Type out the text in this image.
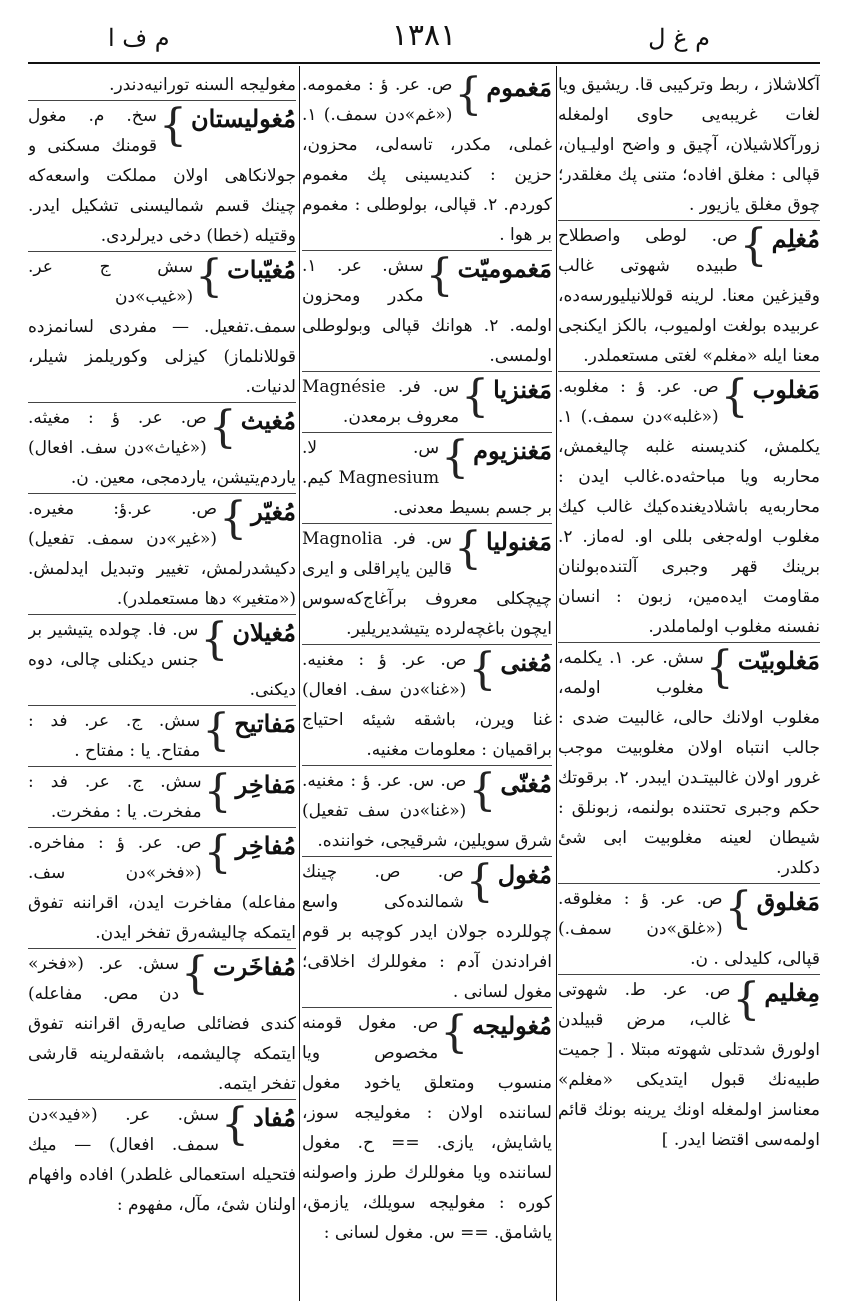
م غ ل
١٣٨١
م ف ا
آكلاشلاز ، ربط وتركيبی قا. ريشيق ويا لغات غريبه‌يی حاوی اولمغله زورآكلاشيلان، آچيق و واضح اوليـيان، قپالی : مغلق افاده؛ متنی پك مغلقدر؛ چوق مغلق يازيور .
مُغلِم
}
ص. لوطی واصطلاح طبيده شهوتی غالب وقيزغين معنا. لرينه قوللانيليورسه‌ده، عربيده بولغت اولميوب، بالكز ايكنجی معنا ايله «مغلم» لغتی مستعملدر.
مَغلوب
}
ص. عر. ؤ : مغلوبه. («غلبه»دن سمف.) ١. يكلمش، كنديسنه غلبه چاليغمش، محاربه ويا مباحثه‌ده.غالب ايدن : محاربه‌يه باشلاديغنده‌كيك غالب كيك مغلوب اوله‌جغی بللی او. له‌ماز. ٢. برينك قهر وجبری آلتنده‌بولنان مقاومت ايده‌مين، زبون : انسان نفسنه مغلوب اولماملدر.
مَغلوبيّت
}
سش. عر. ١. يكلمه، مغلوب اولمه، مغلوب اولانك حالی، غالبيت ضدی : جالب انتباه اولان مغلوبيت موجب غرور اولان غالبيتـدن ايبدر. ٢. برقوتك حكم وجبری تحتنده بولنمه، زبونلق : شيطان لعينه مغلوبيت ابی شیٔ دكلدر.
مَغلوق
}
ص. عر. ؤ : مغلوقه. («غلق»دن سمف.) قپالی، كليدلی . ن.
مِغليم
}
ص. عر. ط. شهوتی غالب، مرض قبيلدن اولورق شدتلی شهوته مبتلا . [ جميت طبيه‌نك قبول ايتديكی «مغلم» معناسز اولمغله اونك يرينه بونك قائم اولمه‌سی اقتضا ايدر. ]
مَغموم
}
ص. عر. ؤ : مغمومه. («غم»دن سمف.) ١. غملی، مكدر، تاسه‌لی، محزون، حزين : كنديسينی پك مغموم كوردم. ٢. قپالی، بولوطلی : مغموم بر هوا .
مَغموميّت
}
سش. عر. ١. مكدر ومحزون اولمه. ٢. هوانك قپالی وبولوطلی اولمسی.
مَغنزيا
}
س. فر. Magnésie معروف برمعدن.
مَغنزيوم
}
س. لا. Magnesium كيم. بر جسم بسيط معدنی.
مَغنوليا
}
س. فر. Magnolia قالين ياپراقلی و ايری چيچكلی معروف برآغاج‌كه‌سوس ايچون باغچه‌لرده يتيشديريلير.
مُغنی
}
ص. عر. ؤ : مغنيه. («غنا»دن سف. افعال) غنا ويرن، باشقه شيئه احتياج براقميان : معلومات مغنيه.
مُغنّی
}
ص. س. عر. ؤ : مغنيه. («غنا»دن سف تفعيل) شرق سويلين، شرقيجی، خواننده.
مُغول
}
ص. ص. چينك شمالنده‌كی واسع چوللرده جولان ايدر كوچبه بر قوم افرادندن آدم : مغوللرك اخلاقی؛ مغول لسانی .
مُغوليجه
}
ص. مغول قومنه مخصوص ويا منسوب ومتعلق ياخود مغول لساننده اولان : مغوليجه سوز، ياشايش، يازی. == ح. مغول لساننده ويا مغوللرك طرز واصولنه كوره : مغوليجه سويلك، يازمق، ياشامق. == س. مغول لسانی :
مغوليجه السنه تورانيه‌دندر.
مُغوليستان
}
سخ. م. مغول قومنك مسكنی و جولانكاهی اولان مملكت واسعه‌كه چينك قسم شماليسنی تشكيل ايدر. وقتيله (خطا) دخی ديرلردی.
مُغيّبات
}
سش ج عر. («غيب»دن سمف.تفعيل. — مفردی لسانمزده قوللانلماز) كيزلی وكوريلمز شيلر، لدنيات.
مُغيث
}
ص. عر. ؤ : مغيثه. («غياث»دن سف. افعال) ياردم‌يتيشن، ياردمجی، معين. ن.
مُغيّر
}
ص. عر.ؤ: مغيره.(«غير»دن سمف. تفعيل) دكيشدرلمش، تغيير وتبديل ايدلمش. («متغير» دها مستعملدر).
مُغيلان
}
س. فا. چولده يتيشير بر جنس ديكنلی چالی، دوه ديكنی.
مَفاتيح
}
سش. ج. عر. فد : مفتاح. يا : مفتاح .
مَفاخِر
}
سش. ج. عر. فد : مفخرت. يا : مفخرت.
مُفاخِر
}
ص. عر. ؤ : مفاخره. («فخر»دن سف. مفاعله) مفاخرت ايدن، اقراننه تفوق ايتمكه چاليشه‌رق تفخر ايدن.
مُفاخَرت
}
سش. عر. («فخر» دن مص. مفاعله) كندی فضائلی صايه‌رق اقراننه تفوق ايتمكه چاليشمه، باشقه‌لرينه قارشی تفخر ايتمه.
مُفاد
}
سش. عر. («فيد»دن سمف. افعال) — ميك فتحيله استعمالی غلطدر) افاده وافهام اولنان شیٔ، مآل، مفهوم :
